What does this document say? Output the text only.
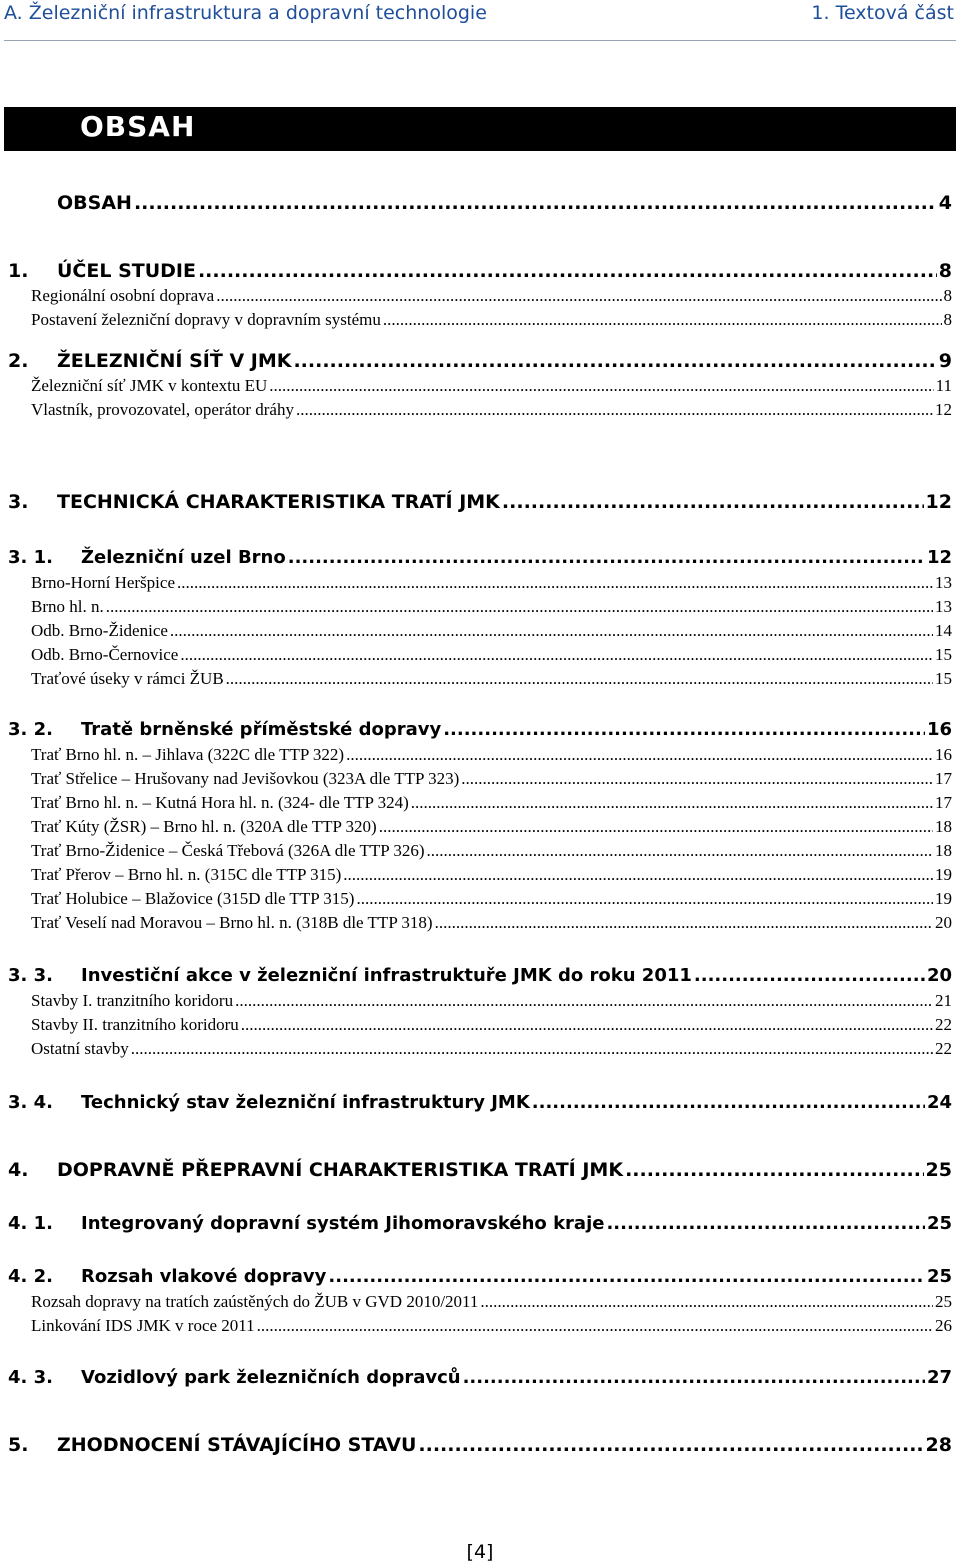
A. Železniční infrastruktura a dopravní technologie	1. Textová část
OBSAH
OBSAH .....	4
1.	ÚČEL STUDIE .....	8
Regionální osobní doprava .....	8
Postavení železniční dopravy v dopravním systému .....	8
2.	ŽELEZNIČNÍ SÍŤ V JMK .....	9
Železniční síť JMK v kontextu EU .....	11
Vlastník, provozovatel, operátor dráhy .....	12
3.	TECHNICKÁ CHARAKTERISTIKA TRATÍ JMK .....	12
3. 1.	Železniční uzel Brno .....	12
Brno-Horní Heršpice .....	13
Brno hl. n. .....	13
Odb. Brno-Židenice .....	14
Odb. Brno-Černovice .....	15
Traťové úseky v rámci ŽUB .....	15
3. 2.	Tratě brněnské příměstské dopravy .....	16
Trať Brno hl. n. – Jihlava (322C dle TTP 322) .....	16
Trať Střelice – Hrušovany nad Jevišovkou (323A dle TTP 323) .....	17
Trať Brno hl. n. – Kutná Hora hl. n. (324- dle TTP 324) .....	17
Trať Kúty (ŽSR) – Brno hl. n. (320A dle TTP 320) .....	18
Trať Brno-Židenice – Česká Třebová (326A dle TTP 326) .....	18
Trať Přerov – Brno hl. n. (315C dle TTP 315) .....	19
Trať Holubice – Blažovice (315D dle TTP 315) .....	19
Trať Veselí nad Moravou – Brno hl. n. (318B dle TTP 318) .....	20
3. 3.	Investiční akce v železniční infrastruktuře JMK do roku 2011 .....	20
Stavby I. tranzitního koridoru .....	21
Stavby II. tranzitního koridoru .....	22
Ostatní stavby .....	22
3. 4.	Technický stav železniční infrastruktury JMK .....	24
4.	DOPRAVNĚ PŘEPRAVNÍ CHARAKTERISTIKA TRATÍ JMK .....	25
4. 1.	Integrovaný dopravní systém Jihomoravského kraje .....	25
4. 2.	Rozsah vlakové dopravy .....	25
Rozsah dopravy na tratích zaústěných do ŽUB v GVD 2010/2011 .....	25
Linkování IDS JMK v roce 2011 .....	26
4. 3.	Vozidlový park železničních dopravců .....	27
5.	ZHODNOCENÍ STÁVAJÍCÍHO STAVU .....	28
[4]
